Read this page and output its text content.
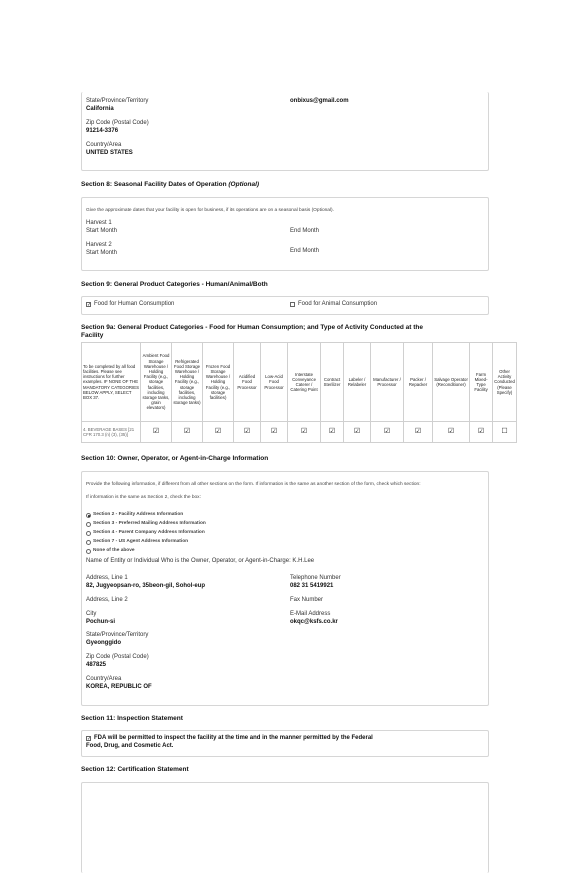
State/Province/Territory
California
onbixus@gmail.com
Zip Code (Postal Code)
91214-3376
Country/Area
UNITED STATES
Section 8: Seasonal Facility Dates of Operation (Optional)
Give the approximate dates that your facility is open for business, if its operations are on a seasonal basis (Optional).
Harvest 1
Start Month	End Month
Harvest 2
Start Month	End Month
Section 9: General Product Categories - Human/Animal/Both
✓ Food for Human Consumption	Food for Animal Consumption
Section 9a: General Product Categories - Food for Human Consumption; and Type of Activity Conducted at the
Facility
To be completed by all food facilities. Please see instructions for further examples. IF NONE OF THE MANDATORY CATEGORIES BELOW APPLY, SELECT BOX 37.	Ambient Food Storage Warehouse / Holding Facility (e.g., storage facilities, including storage tanks, grain elevators)	Refrigerated Food Storage Warehouse / Holding Facility (e.g., storage facilities, including storage tanks)	Frozen Food Storage Warehouse / Holding Facility (e.g., storage facilities)	Acidified Food Processor	Low-Acid Food Processor	Interstate Conveyance Caterer / Catering Point	Contract Sterilizer	Labeler / Relabeler	Manufacturer / Processor	Packer / Repacker	Salvage Operator (Reconditioner)	Farm Mixed-Type Facility	Other Activity Conducted (Please Specify)
4. BEVERAGE BASES [21 CFR 170.3 (n) (3), (35)]	☑	☑	☑	☑	☑	☑	☑	☑	☑	☑	☑	☑	☐
Section 10: Owner, Operator, or Agent-in-Charge Information
Provide the following information, if different from all other sections on the form. If information is the same as another section of the form, check which section:
If information is the same as Section 2, check the box:
Section 2 - Facility Address Information
Section 3 - Preferred Mailing Address Information
Section 4 - Parent Company Address Information
Section 7 - US Agent Address Information
None of the above
Name of Entity or Individual Who is the Owner, Operator, or Agent-in-Charge: K.H.Lee
Address, Line 1
82, Jugyeopsan-ro, 35beon-gil, Sohol-eup
Address, Line 2
City
Pochun-si
State/Province/Territory
Gyeonggido
Zip Code (Postal Code)
487825
Country/Area
KOREA, REPUBLIC OF
Telephone Number
082 31 5419921
Fax Number
E-Mail Address
okqc@ksfs.co.kr
Section 11: Inspection Statement
✓ FDA will be permitted to inspect the facility at the time and in the manner permitted by the Federal
Food, Drug, and Cosmetic Act.
Section 12: Certification Statement
